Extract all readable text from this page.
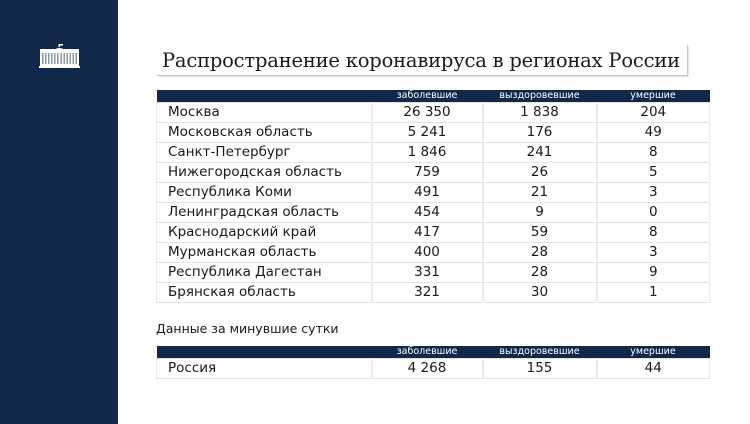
Распространение коронавируса в регионах России
	заболевшие	выздоровевшие	умершие
Москва	26 350	1 838	204
Московская область	5 241	176	49
Санкт-Петербург	1 846	241	8
Нижегородская область	759	26	5
Республика Коми	491	21	3
Ленинградская область	454	9	0
Краснодарский край	417	59	8
Мурманская область	400	28	3
Республика Дагестан	331	28	9
Брянская область	321	30	1
Данные за минувшие сутки
	заболевшие	выздоровевшие	умершие
Россия	4 268	155	44
